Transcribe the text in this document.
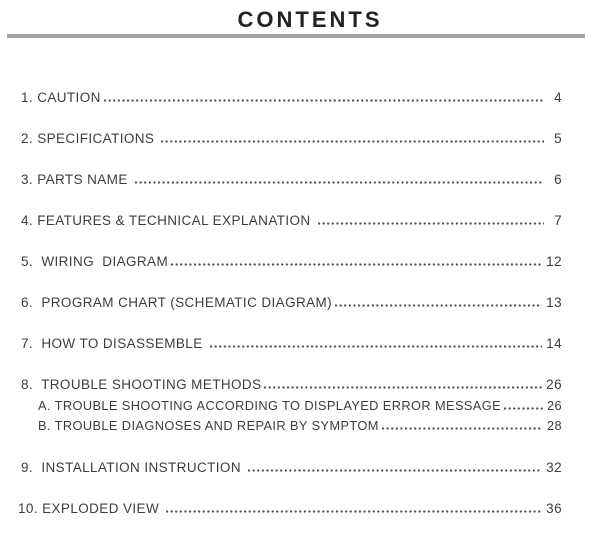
CONTENTS
1. CAUTION	4
2. SPECIFICATIONS	5
3. PARTS NAME	6
4. FEATURES & TECHNICAL EXPLANATION	7
5.  WIRING  DIAGRAM	12
6.  PROGRAM CHART (SCHEMATIC DIAGRAM)	13
7.  HOW TO DISASSEMBLE	14
8.  TROUBLE SHOOTING METHODS	26
A. TROUBLE SHOOTING ACCORDING TO DISPLAYED ERROR MESSAGE	26
B. TROUBLE DIAGNOSES AND REPAIR BY SYMPTOM	28
9.  INSTALLATION INSTRUCTION	32
10. EXPLODED VIEW	36
